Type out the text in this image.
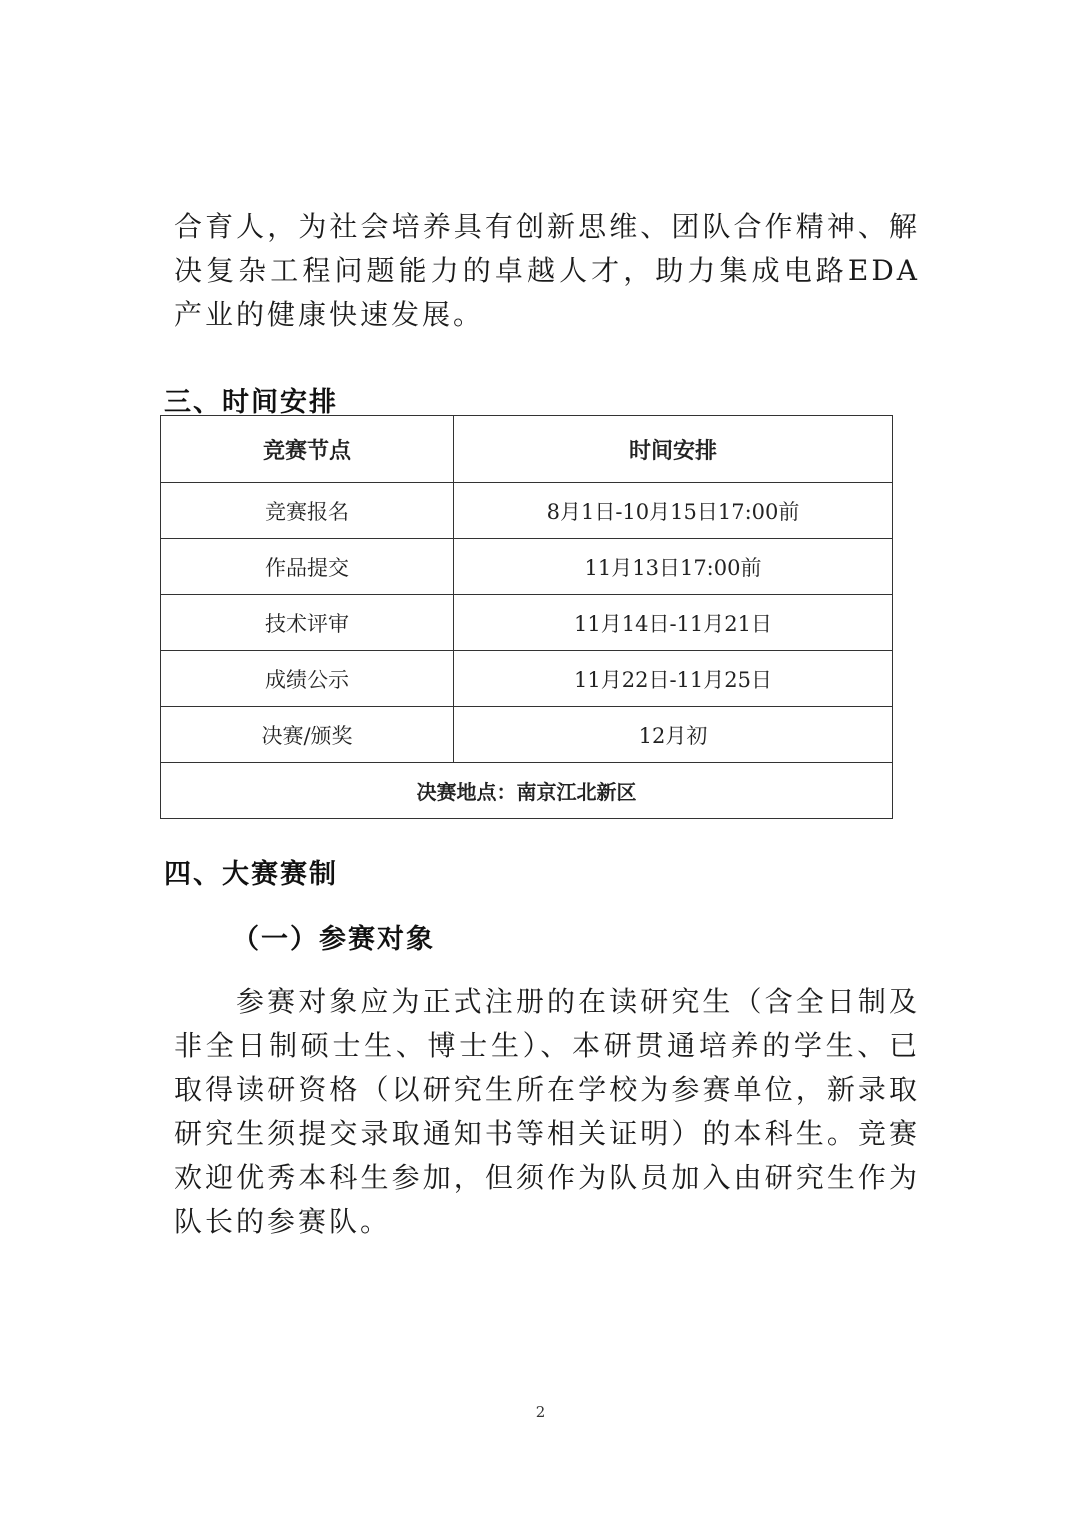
合育人，为社会培养具有创新思维、团队合作精神、解决复杂工程问题能力的卓越人才，助力集成电路EDA产业的健康快速发展。

三、时间安排
竞赛节点	时间安排
竞赛报名	8月1日-10月15日17:00前
作品提交	11月13日17:00前
技术评审	11月14日-11月21日
成绩公示	11月22日-11月25日
决赛/颁奖	12月初
决赛地点：南京江北新区	
四、大赛赛制
（一）参赛对象

参赛对象应为正式注册的在读研究生（含全日制及非全日制硕士生、博士生）、本研贯通培养的学生、已取得读研资格（以研究生所在学校为参赛单位，新录取研究生须提交录取通知书等相关证明）的本科生。竞赛欢迎优秀本科生参加，但须作为队员加入由研究生作为队长的参赛队。

2
